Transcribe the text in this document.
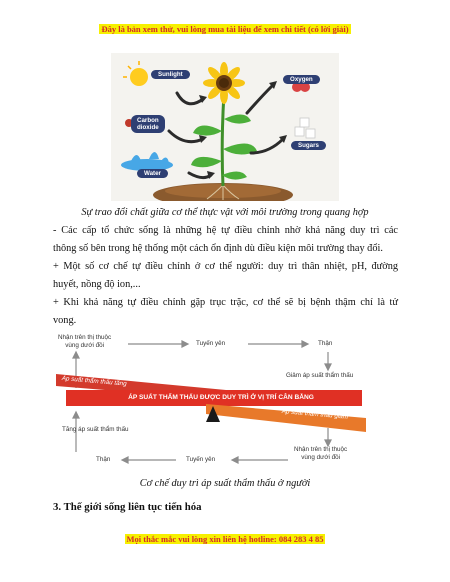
Đây là bản xem thử, vui lòng mua tài liệu để xem chi tiết (có lời giải)
Sunlight
Oxygen
Carbon
dioxide
Sugars
Water
Sự trao đổi chất giữa cơ thể thực vật với môi trường trong quang hợp
- Các cấp tổ chức sống là những hệ tự điều chỉnh nhờ khả năng duy trì các
thông số bên trong hệ thống một cách ổn định dù điều kiện môi trường thay đổi.
+ Một số cơ chế tự điều chỉnh ở cơ thể người: duy trì thân nhiệt, pH, đường
huyết, nồng độ ion,...
+ Khi khả năng tự điều chỉnh gặp trục trặc, cơ thể sẽ bị bệnh thậm chí là tử
vong.
Nhận trên thị thuộc
vùng dưới đồi	Tuyến yên	Thận
Giảm áp suất thẩm thấu
Áp suất thẩm thấu tăng
ÁP SUẤT THẨM THẤU ĐƯỢC DUY TRÌ Ở VỊ TRÍ CÂN BẰNG
Áp suất thẩm thấu giảm
Tăng áp suất thẩm thấu
Nhận trên thị thuộc
vùng dưới đồi
Tuyến yên
Thận
Cơ chế duy trì áp suất thẩm thấu ở người
3. Thế giới sống liên tục tiến hóa
Mọi thắc mắc vui lòng xin liên hệ hotline: 084 283 4 85
